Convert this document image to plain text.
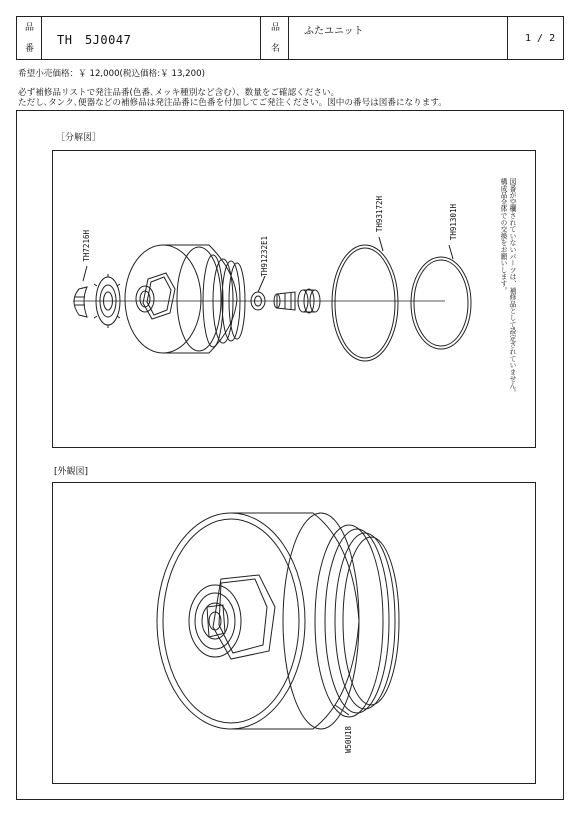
品
番
TH　5J0047
品
名
ふたユニット
1 / 2
希望小売価格：￥ 12,000(税込価格:￥ 13,200)
必ず補修品リストで発注品番(色番､メッキ種別など含む）、数量をご確認ください。
ただし､タンク､便器などの補修品は発注品番に色番を付加してご発注ください。図中の番号は図番になります。
［分解図］
TH7216H	TH91232E1
TH93172H	TH91301H	図番が空欄されていないパーツは、補修品として設定されていません。
構成品全体での交換をお願いします。
[外観図]
W50U18
